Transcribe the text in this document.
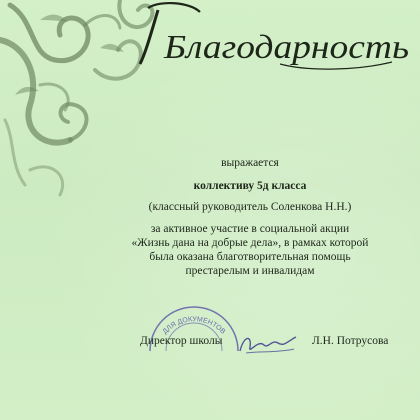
Благодарность
выражается
коллективу 5д класса
(классный руководитель Соленкова Н.Н.)
за активное участие в социальной акции
«Жизнь дана на добрые дела», в рамках которой
была оказана благотворительная помощь
престарелым и инвалидам
ДЛЯ ДОКУМЕНТОВ
Директор школы	Л.Н. Потрусова
